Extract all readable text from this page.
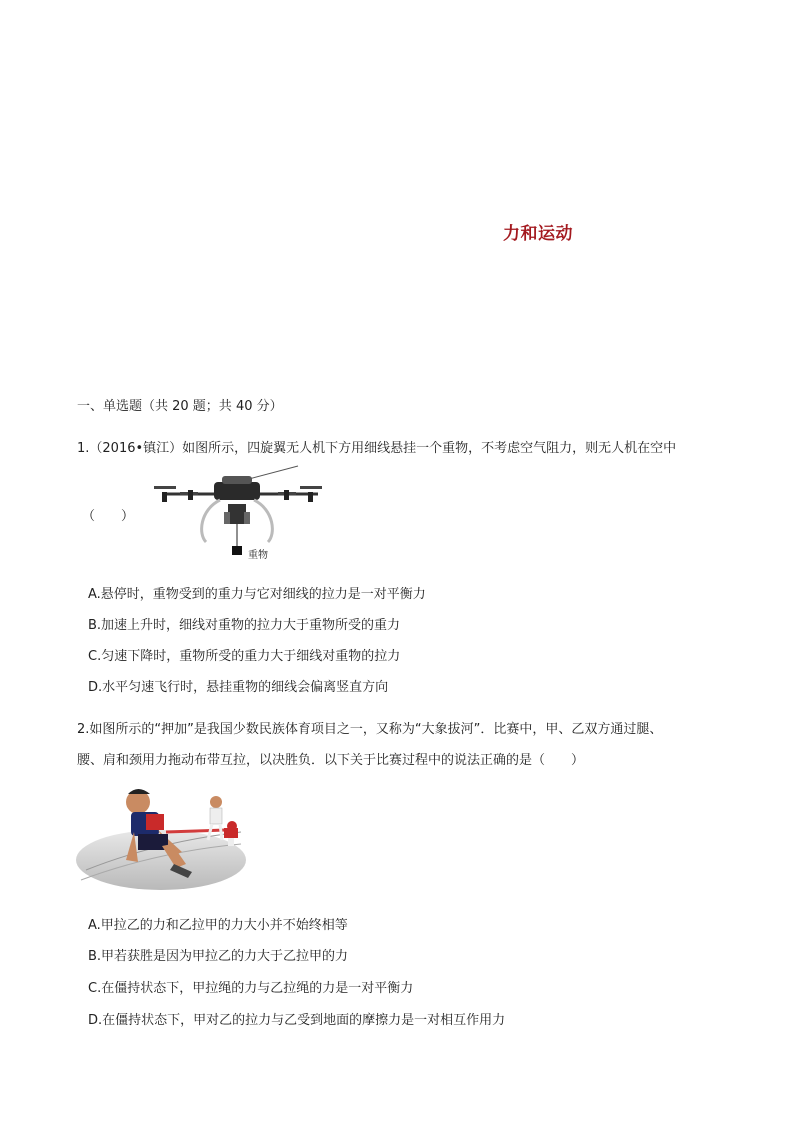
力和运动
一、单选题（共 20 题；共 40 分）
1.（2016•镇江）如图所示，四旋翼无人机下方用细线悬挂一个重物，不考虑空气阻力，则无人机在空中
（　　）
重物
A.悬停时，重物受到的重力与它对细线的拉力是一对平衡力
B.加速上升时，细线对重物的拉力大于重物所受的重力
C.匀速下降时，重物所受的重力大于细线对重物的拉力
D.水平匀速飞行时，悬挂重物的细线会偏离竖直方向
2.如图所示的“押加”是我国少数民族体育项目之一，又称为“大象拔河”．比赛中，甲、乙双方通过腿、
腰、肩和颈用力拖动布带互拉，以决胜负．以下关于比赛过程中的说法正确的是（　　）
A.甲拉乙的力和乙拉甲的力大小并不始终相等
B.甲若获胜是因为甲拉乙的力大于乙拉甲的力
C.在僵持状态下，甲拉绳的力与乙拉绳的力是一对平衡力
D.在僵持状态下，甲对乙的拉力与乙受到地面的摩擦力是一对相互作用力
